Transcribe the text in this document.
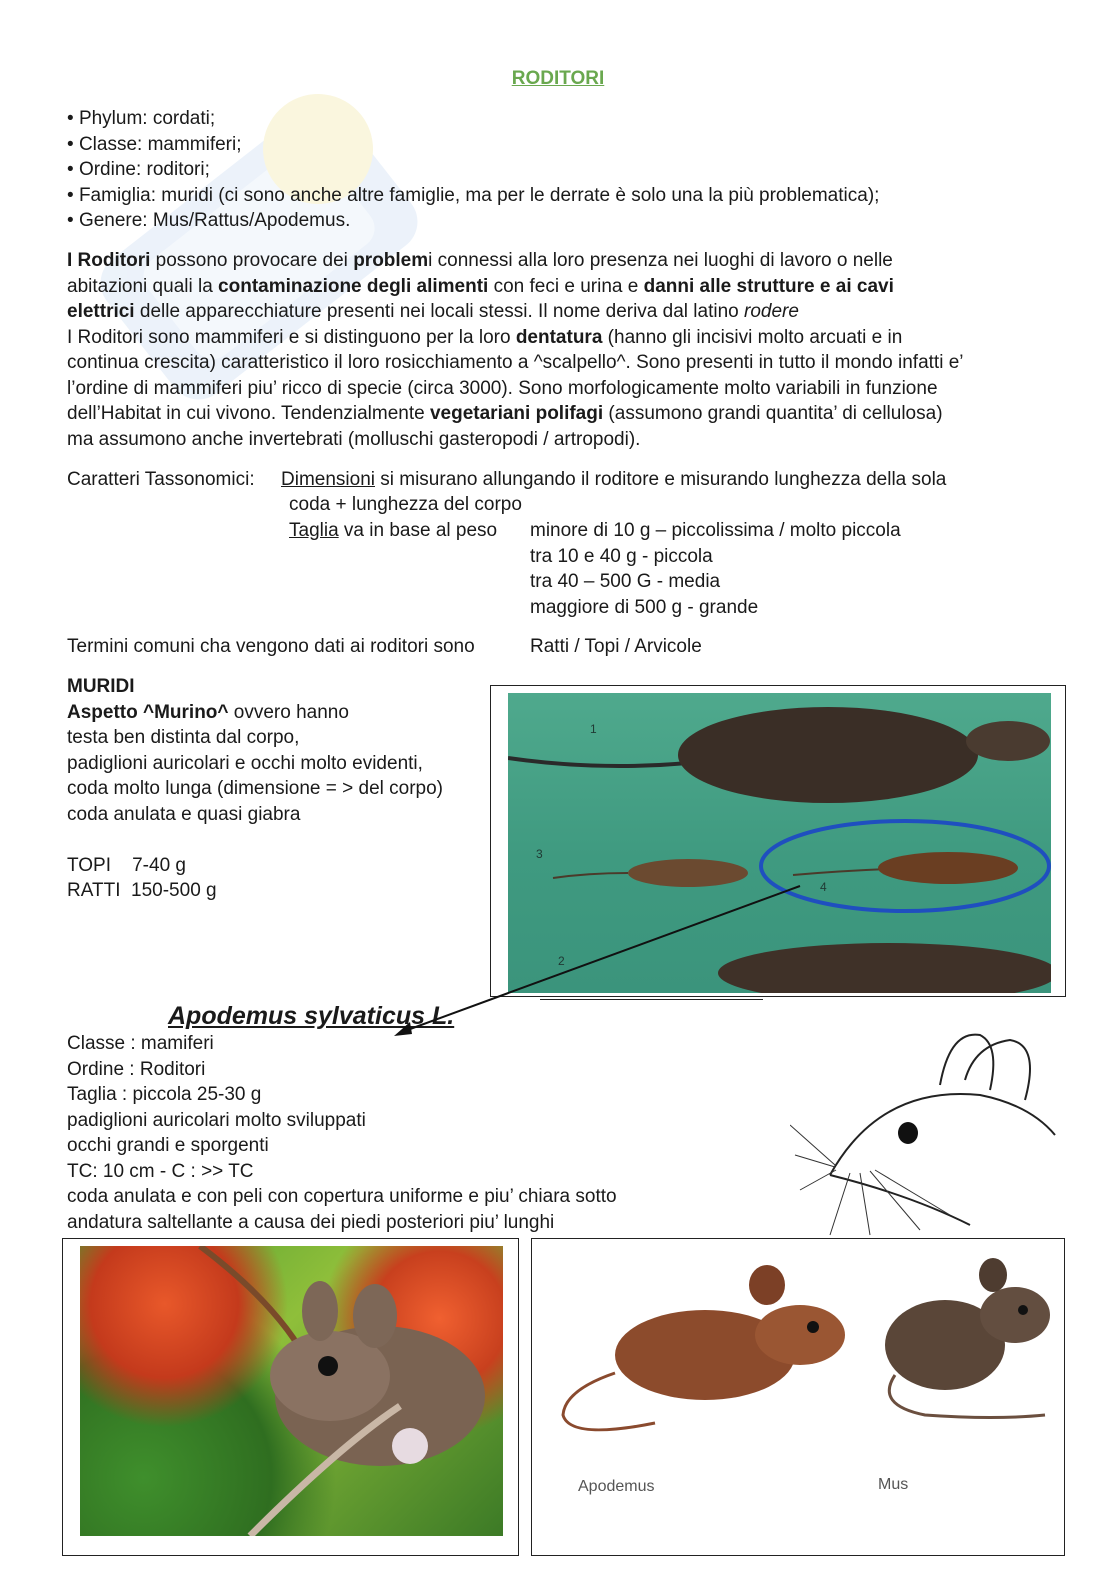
RODITORI
• Phylum: cordati;
• Classe: mammiferi;
• Ordine: roditori;
• Famiglia: muridi (ci sono anche altre famiglie, ma per le derrate è solo una la più problematica);
• Genere: Mus/Rattus/Apodemus.
I Roditori possono provocare dei problemi connessi alla loro presenza nei luoghi di lavoro o nelle
abitazioni quali la contaminazione degli alimenti con feci e urina e danni alle strutture e ai cavi
elettrici delle apparecchiature presenti nei locali stessi. Il nome deriva dal latino rodere
I Roditori sono mammiferi e si distinguono per la loro dentatura (hanno gli incisivi molto arcuati e in
continua crescita) caratteristico il loro rosicchiamento a ^scalpello^. Sono presenti in tutto il mondo infatti e’
l’ordine di mammiferi piu’ ricco di specie (circa 3000). Sono morfologicamente molto variabili in funzione
dell’Habitat in cui vivono. Tendenzialmente vegetariani polifagi (assumono grandi quantita’ di cellulosa)
ma assumono anche invertebrati (molluschi gasteropodi / artropodi).
Caratteri Tassonomici: Dimensioni si misurano allungando il roditore e misurando lunghezza della sola
coda + lunghezza del corpo
Taglia va in base al peso minore di 10 g – piccolissima / molto piccola
tra 10 e 40 g - piccola
tra 40 – 500 G - media
maggiore di 500 g - grande
Termini comuni cha vengono dati ai roditori sono	Ratti / Topi / Arvicole
MURIDI
Aspetto ^Murino^ ovvero hanno
testa ben distinta dal corpo,
padiglioni auricolari e occhi molto evidenti,
coda molto lunga (dimensione = > del corpo)
coda anulata e quasi giabra

TOPI    7-40 g
RATTI  150-500 g
1
3
4
2
Apodemus sylvaticus L.
Classe : mamiferi
Ordine : Roditori
Taglia : piccola 25-30 g
padiglioni auricolari molto sviluppati
occhi grandi e sporgenti
TC: 10 cm - C : >> TC
coda anulata e con peli con copertura uniforme e piu’ chiara sotto
andatura saltellante a causa dei piedi posteriori piu’ lunghi
Apodemus	Mus
